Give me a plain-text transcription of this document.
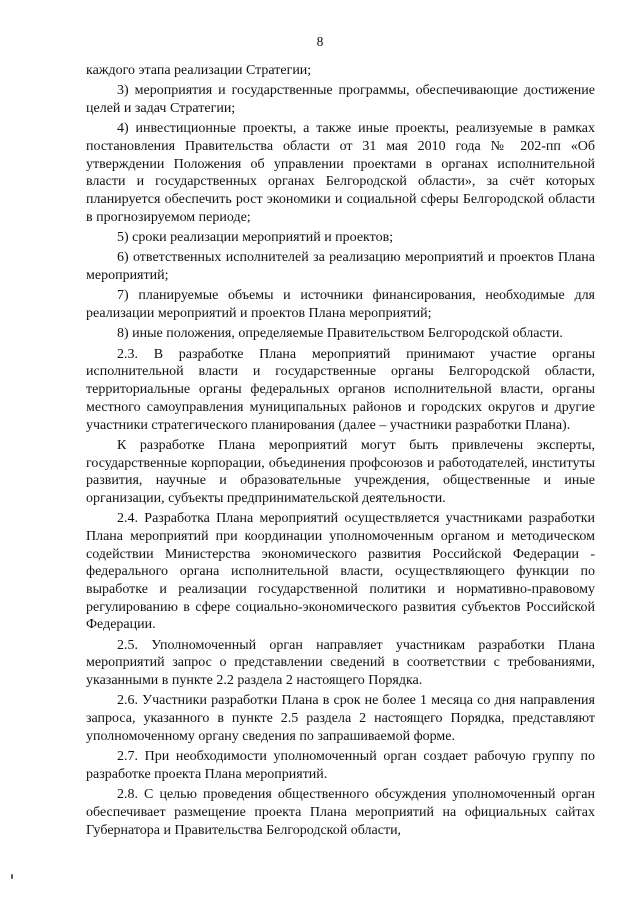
8

каждого этапа реализации Стратегии;

3) мероприятия и государственные программы, обеспечивающие достижение целей и задач Стратегии;

4) инвестиционные проекты, а также иные проекты, реализуемые в рамках постановления Правительства области от 31 мая 2010 года № 202-пп «Об утверждении Положения об управлении проектами в органах исполнительной власти и государственных органах Белгородской области», за счёт которых планируется обеспечить рост экономики и социальной сферы Белгородской области в прогнозируемом периоде;

5) сроки реализации мероприятий и проектов;

6) ответственных исполнителей за реализацию мероприятий и проектов Плана мероприятий;

7) планируемые объемы и источники финансирования, необходимые для реализации мероприятий и проектов Плана мероприятий;

8) иные положения, определяемые Правительством Белгородской области.

2.3. В разработке Плана мероприятий принимают участие органы исполнительной власти и государственные органы Белгородской области, территориальные органы федеральных органов исполнительной власти, органы местного самоуправления муниципальных районов и городских округов и другие участники стратегического планирования (далее – участники разработки Плана).

К разработке Плана мероприятий могут быть привлечены эксперты, государственные корпорации, объединения профсоюзов и работодателей, институты развития, научные и образовательные учреждения, общественные и иные организации, субъекты предпринимательской деятельности.

2.4. Разработка Плана мероприятий осуществляется участниками разработки Плана мероприятий при координации уполномоченным органом и методическом содействии Министерства экономического развития Российской Федерации - федерального органа исполнительной власти, осуществляющего функции по выработке и реализации государственной политики и нормативно-правовому регулированию в сфере социально-экономического развития субъектов Российской Федерации.

2.5. Уполномоченный орган направляет участникам разработки Плана мероприятий запрос о представлении сведений в соответствии с требованиями, указанными в пункте 2.2 раздела 2 настоящего Порядка.

2.6. Участники разработки Плана в срок не более 1 месяца со дня направления запроса, указанного в пункте 2.5 раздела 2 настоящего Порядка, представляют уполномоченному органу сведения по запрашиваемой форме.

2.7. При необходимости уполномоченный орган создает рабочую группу по разработке проекта Плана мероприятий.

2.8. С целью проведения общественного обсуждения уполномоченный орган обеспечивает размещение проекта Плана мероприятий на официальных сайтах Губернатора и Правительства Белгородской области,
